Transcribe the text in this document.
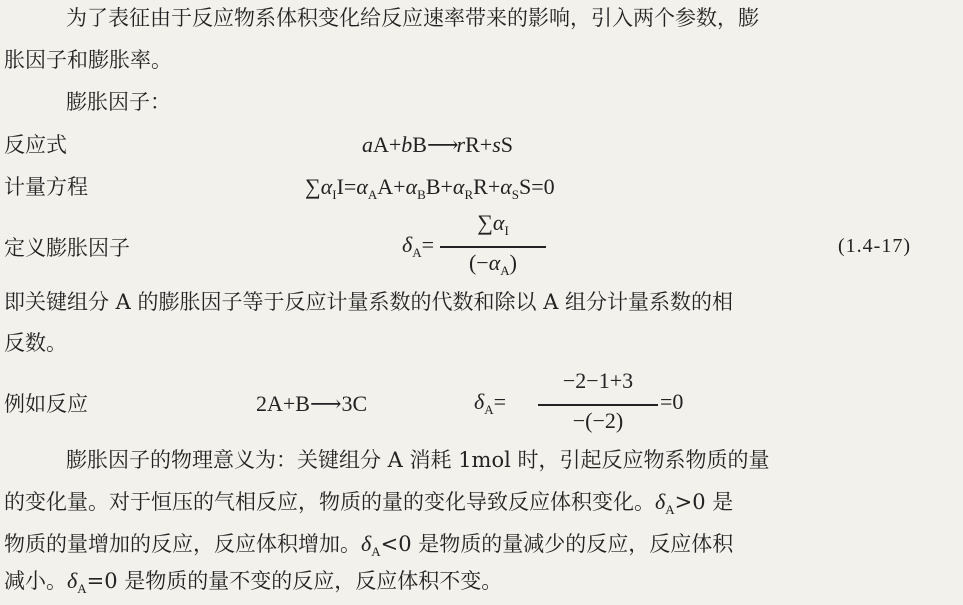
为了表征由于反应物系体积变化给反应速率带来的影响，引入两个参数，膨
胀因子和膨胀率。
膨胀因子：
反应式	aA+bB⟶rR+sS
计量方程	$\sum\alpha_II=\alpha_AA+\alpha_BB+\alpha_RR+\alpha_SS=0$
定义膨胀因子	$\delta_A=$
$\sum\alpha_I$
$(-\alpha_A)$
(1.4-17)
即关键组分 A 的膨胀因子等于反应计量系数的代数和除以 A 组分计量系数的相
反数。
例如反应	2A+B⟶3C	$\delta_A=$
−2−1+3
−(−2)
=0
膨胀因子的物理意义为：关键组分 A 消耗 1mol 时，引起反应物系物质的量
的变化量。对于恒压的气相反应，物质的量的变化导致反应体积变化。$\delta_A>0$ 是
物质的量增加的反应，反应体积增加。$\delta_A<0$ 是物质的量减少的反应，反应体积
减小。$\delta_A=0$ 是物质的量不变的反应，反应体积不变。
